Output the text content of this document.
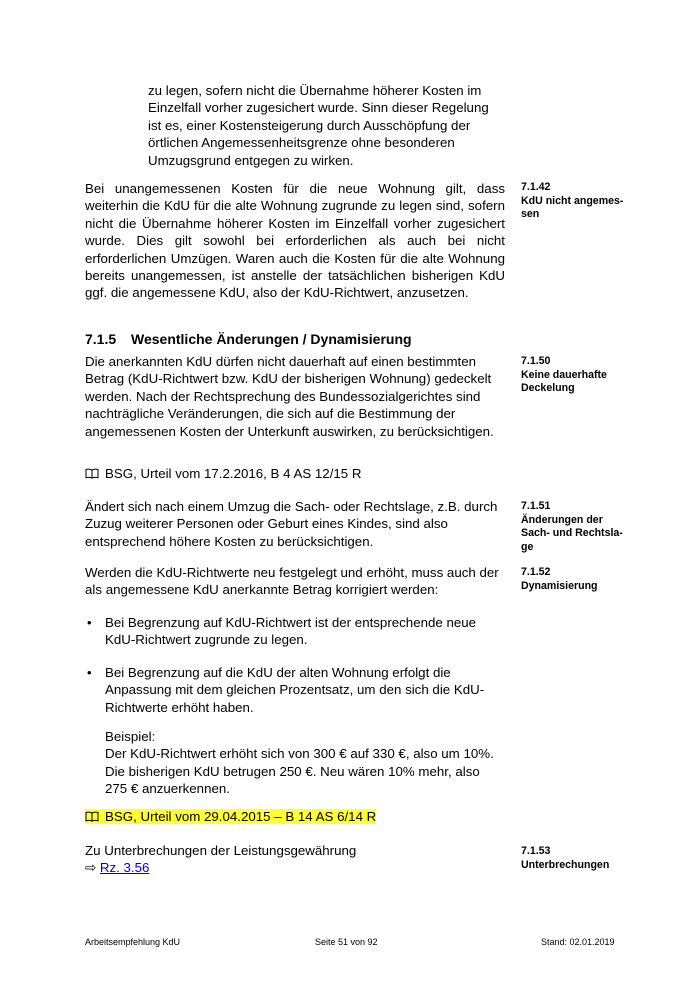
zu legen, sofern nicht die Übernahme höherer Kosten im Einzelfall vorher zugesichert wurde. Sinn dieser Regelung ist es, einer Kostensteigerung durch Ausschöpfung der örtlichen Angemessenheitsgrenze ohne besonderen Umzugsgrund entgegen zu wirken.

Bei unangemessenen Kosten für die neue Wohnung gilt, dass weiterhin die KdU für die alte Wohnung zugrunde zu legen sind, sofern nicht die Übernahme höherer Kosten im Einzelfall vorher zugesichert wurde. Dies gilt sowohl bei erforderlichen als auch bei nicht erforderlichen Umzügen. Waren auch die Kosten für die alte Wohnung bereits unangemessen, ist anstelle der tatsächlichen bisherigen KdU ggf. die angemessene KdU, also der KdU-Richtwert, anzusetzen.

7.1.42
KdU nicht angemes-
sen
7.1.5 Wesentliche Änderungen / Dynamisierung

Die anerkannten KdU dürfen nicht dauerhaft auf einen bestimmten Betrag (KdU-Richtwert bzw. KdU der bisherigen Wohnung) gedeckelt werden. Nach der Rechtsprechung des Bundessozialgerichtes sind nachträgliche Veränderungen, die sich auf die Bestimmung der angemessenen Kosten der Unterkunft auswirken, zu berücksichtigen.

7.1.50
Keine dauerhafte
Deckelung
BSG, Urteil vom 17.2.2016, B 4 AS 12/15 R

Ändert sich nach einem Umzug die Sach- oder Rechtslage, z.B. durch Zuzug weiterer Personen oder Geburt eines Kindes, sind also entsprechend höhere Kosten zu berücksichtigen.

7.1.51
Änderungen der
Sach- und Rechtsla-
ge

Werden die KdU-Richtwerte neu festgelegt und erhöht, muss auch der als angemessene KdU anerkannte Betrag korrigiert werden:

7.1.52
Dynamisierung
• Bei Begrenzung auf KdU-Richtwert ist der entsprechende neue KdU-Richtwert zugrunde zu legen.

• Bei Begrenzung auf die KdU der alten Wohnung erfolgt die Anpassung mit dem gleichen Prozentsatz, um den sich die KdU-Richtwerte erhöht haben.

Beispiel:

Der KdU-Richtwert erhöht sich von 300 € auf 330 €, also um 10%. Die bisherigen KdU betrugen 250 €. Neu wären 10% mehr, also 275 € anzuerkennen.

BSG, Urteil vom 29.04.2015 – B 14 AS 6/14 R

Zu Unterbrechungen der Leistungsgewährung

⇨ Rz. 3.56

7.1.53
Unterbrechungen
Arbeitsempfehlung KdU	Seite 51 von 92	Stand: 02.01.2019
